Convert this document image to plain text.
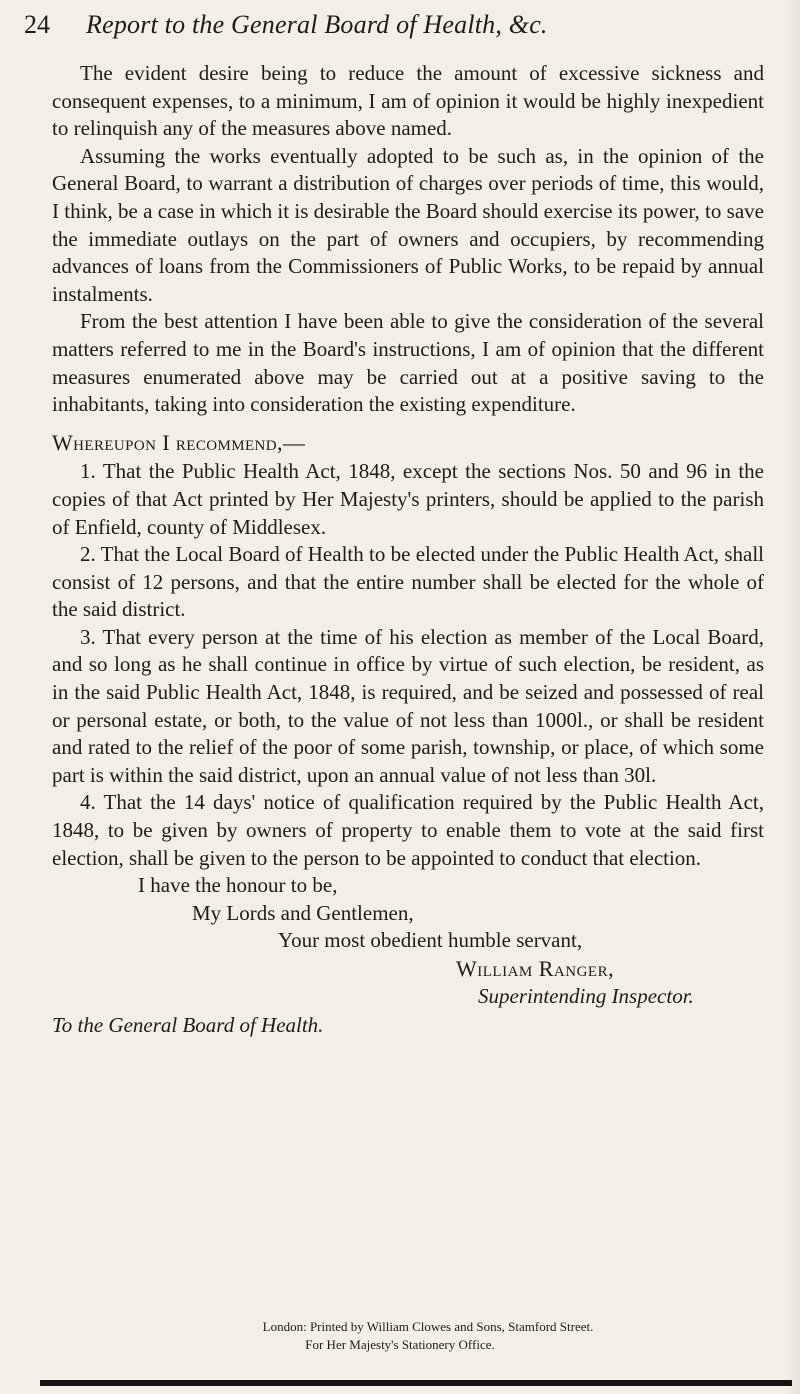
24 Report to the General Board of Health, &c.

The evident desire being to reduce the amount of excessive sickness and consequent expenses, to a minimum, I am of opinion it would be highly inexpedient to relinquish any of the measures above named.

Assuming the works eventually adopted to be such as, in the opinion of the General Board, to warrant a distribution of charges over periods of time, this would, I think, be a case in which it is desirable the Board should exercise its power, to save the immediate outlays on the part of owners and occupiers, by recommending advances of loans from the Commissioners of Public Works, to be repaid by annual instalments.

From the best attention I have been able to give the consideration of the several matters referred to me in the Board's instructions, I am of opinion that the different measures enumerated above may be carried out at a positive saving to the inhabitants, taking into consideration the existing expenditure.

Whereupon I recommend,—

1. That the Public Health Act, 1848, except the sections Nos. 50 and 96 in the copies of that Act printed by Her Majesty's printers, should be applied to the parish of Enfield, county of Middlesex.

2. That the Local Board of Health to be elected under the Public Health Act, shall consist of 12 persons, and that the entire number shall be elected for the whole of the said district.

3. That every person at the time of his election as member of the Local Board, and so long as he shall continue in office by virtue of such election, be resident, as in the said Public Health Act, 1848, is required, and be seized and possessed of real or personal estate, or both, to the value of not less than 1000l., or shall be resident and rated to the relief of the poor of some parish, township, or place, of which some part is within the said district, upon an annual value of not less than 30l.

4. That the 14 days' notice of qualification required by the Public Health Act, 1848, to be given by owners of property to enable them to vote at the said first election, shall be given to the person to be appointed to conduct that election.

I have the honour to be,
My Lords and Gentlemen,
Your most obedient humble servant,
William Ranger,
Superintending Inspector.
To the General Board of Health.
London: Printed by William Clowes and Sons, Stamford Street.
For Her Majesty's Stationery Office.
